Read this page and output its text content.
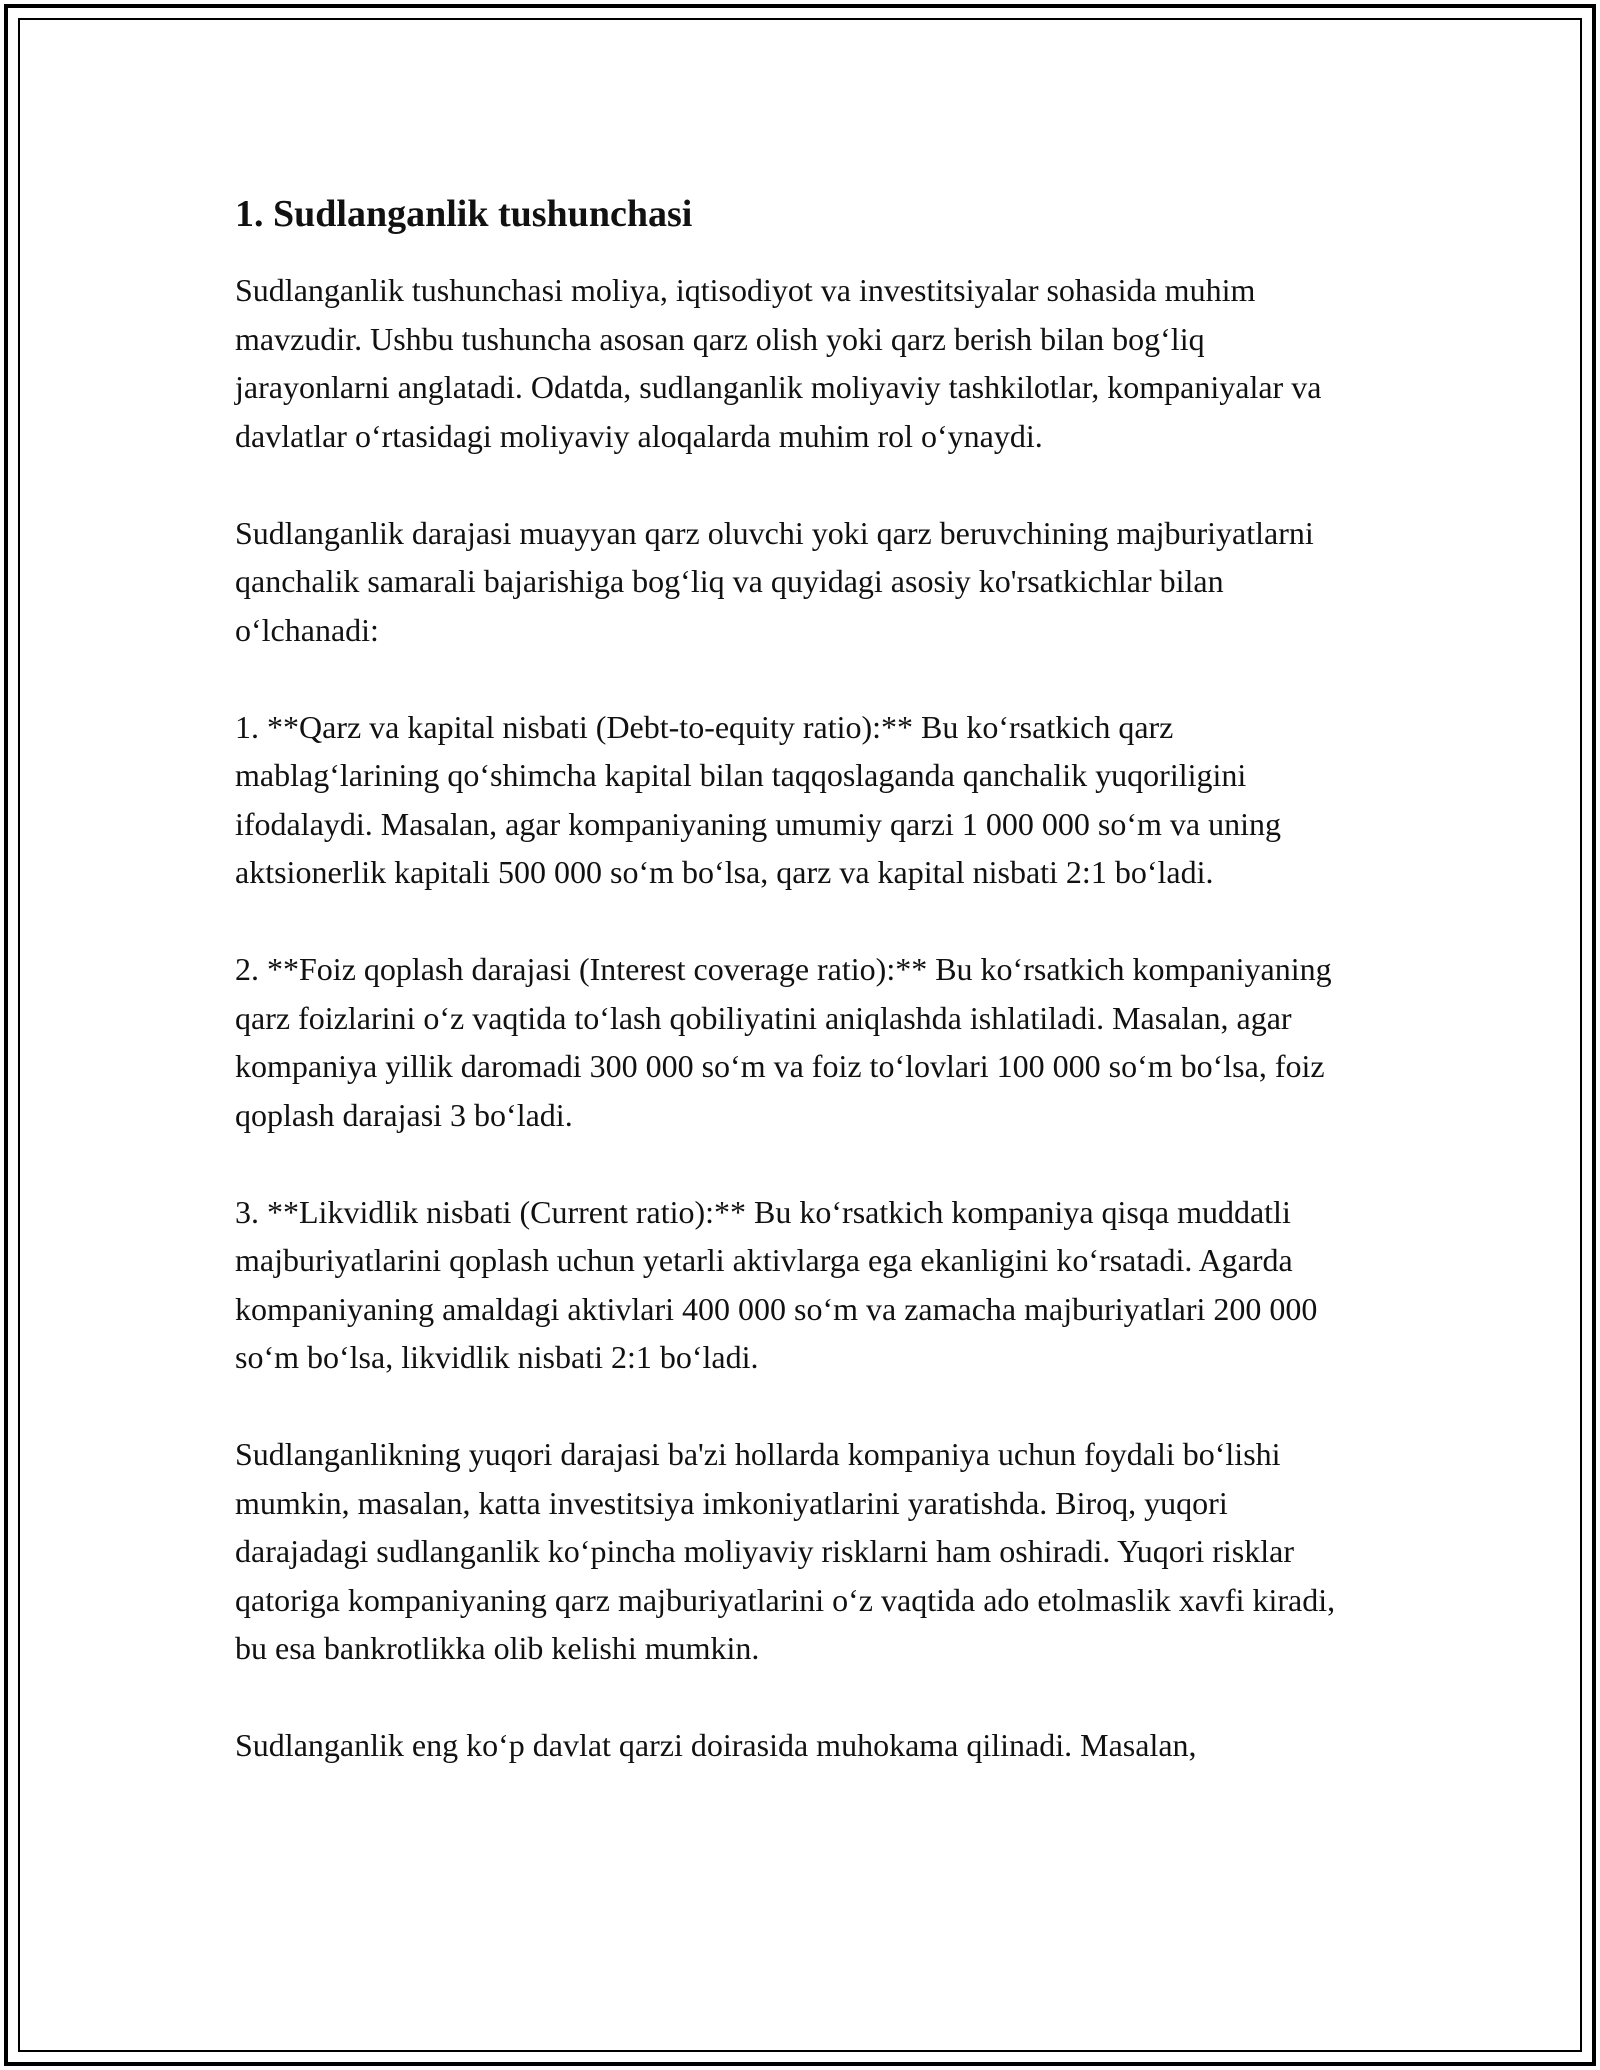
1. Sudlanganlik tushunchasi

Sudlanganlik tushunchasi moliya, iqtisodiyot va investitsiyalar sohasida muhim mavzudir. Ushbu tushuncha asosan qarz olish yoki qarz berish bilan bog‘liq jarayonlarni anglatadi. Odatda, sudlanganlik moliyaviy tashkilotlar, kompaniyalar va davlatlar o‘rtasidagi moliyaviy aloqalarda muhim rol o‘ynaydi.

Sudlanganlik darajasi muayyan qarz oluvchi yoki qarz beruvchining majburiyatlarni qanchalik samarali bajarishiga bog‘liq va quyidagi asosiy ko'rsatkichlar bilan o‘lchanadi:

1. **Qarz va kapital nisbati (Debt-to-equity ratio):** Bu ko‘rsatkich qarz mablag‘larining qo‘shimcha kapital bilan taqqoslaganda qanchalik yuqoriligini ifodalaydi. Masalan, agar kompaniyaning umumiy qarzi 1 000 000 so‘m va uning aktsionerlik kapitali 500 000 so‘m bo‘lsa, qarz va kapital nisbati 2:1 bo‘ladi.

2. **Foiz qoplash darajasi (Interest coverage ratio):** Bu ko‘rsatkich kompaniyaning qarz foizlarini o‘z vaqtida to‘lash qobiliyatini aniqlashda ishlatiladi. Masalan, agar kompaniya yillik daromadi 300 000 so‘m va foiz to‘lovlari 100 000 so‘m bo‘lsa, foiz qoplash darajasi 3 bo‘ladi.

3. **Likvidlik nisbati (Current ratio):** Bu ko‘rsatkich kompaniya qisqa muddatli majburiyatlarini qoplash uchun yetarli aktivlarga ega ekanligini ko‘rsatadi. Agarda kompaniyaning amaldagi aktivlari 400 000 so‘m va zamacha majburiyatlari 200 000 so‘m bo‘lsa, likvidlik nisbati 2:1 bo‘ladi.

Sudlanganlikning yuqori darajasi ba'zi hollarda kompaniya uchun foydali bo‘lishi mumkin, masalan, katta investitsiya imkoniyatlarini yaratishda. Biroq, yuqori darajadagi sudlanganlik ko‘pincha moliyaviy risklarni ham oshiradi. Yuqori risklar qatoriga kompaniyaning qarz majburiyatlarini o‘z vaqtida ado etolmaslik xavfi kiradi, bu esa bankrotlikka olib kelishi mumkin.

Sudlanganlik eng ko‘p davlat qarzi doirasida muhokama qilinadi. Masalan,
